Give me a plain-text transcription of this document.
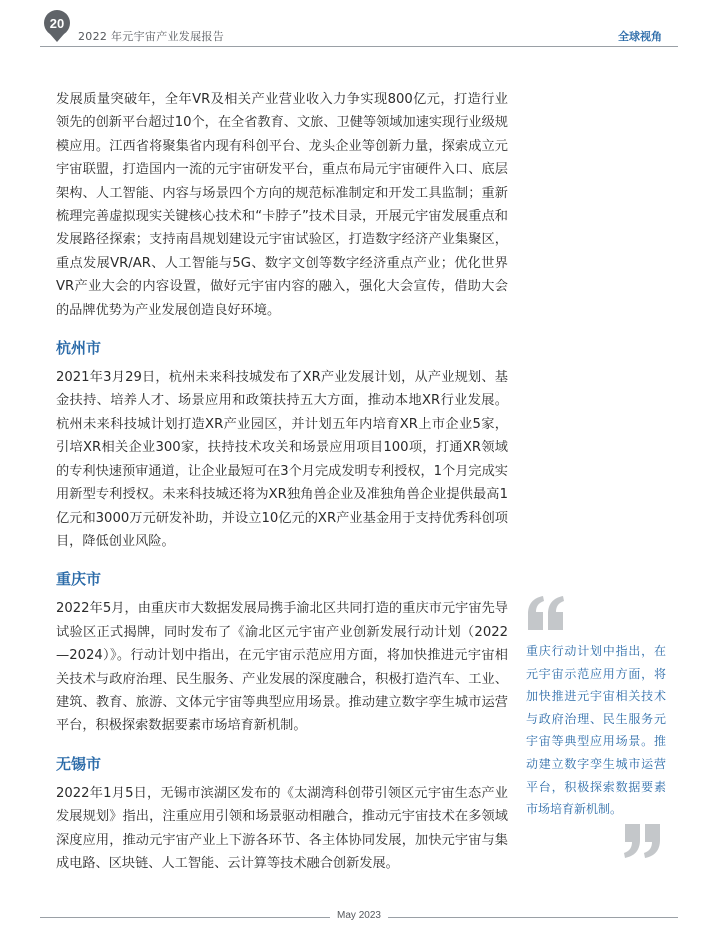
20
2022 年元宇宙产业发展报告	全球视角

发展质量突破年，全年VR及相关产业营业收入力争实现800亿元，打造行业领先的创新平台超过10个，在全省教育、文旅、卫健等领域加速实现行业级规模应用。江西省将聚集省内现有科创平台、龙头企业等创新力量，探索成立元宇宙联盟，打造国内一流的元宇宙研发平台，重点布局元宇宙硬件入口、底层架构、人工智能、内容与场景四个方向的规范标准制定和开发工具监制；重新梳理完善虚拟现实关键核心技术和“卡脖子”技术目录，开展元宇宙发展重点和发展路径探索；支持南昌规划建设元宇宙试验区，打造数字经济产业集聚区，重点发展VR/AR、人工智能与5G、数字文创等数字经济重点产业；优化世界VR产业大会的内容设置，做好元宇宙内容的融入，强化大会宣传，借助大会的品牌优势为产业发展创造良好环境。

杭州市

2021年3月29日，杭州未来科技城发布了XR产业发展计划，从产业规划、基金扶持、培养人才、场景应用和政策扶持五大方面，推动本地XR行业发展。杭州未来科技城计划打造XR产业园区，并计划五年内培育XR上市企业5家，引培XR相关企业300家，扶持技术攻关和场景应用项目100项，打通XR领域的专利快速预审通道，让企业最短可在3个月完成发明专利授权，1个月完成实用新型专利授权。未来科技城还将为XR独角兽企业及准独角兽企业提供最高1亿元和3000万元研发补助，并设立10亿元的XR产业基金用于支持优秀科创项目，降低创业风险。

重庆市

2022年5月，由重庆市大数据发展局携手渝北区共同打造的重庆市元宇宙先导试验区正式揭牌，同时发布了《渝北区元宇宙产业创新发展行动计划（2022—2024）》。行动计划中指出，在元宇宙示范应用方面，将加快推进元宇宙相关技术与政府治理、民生服务、产业发展的深度融合，积极打造汽车、工业、建筑、教育、旅游、文体元宇宙等典型应用场景。推动建立数字孪生城市运营平台，积极探索数据要素市场培育新机制。

无锡市

2022年1月5日，无锡市滨湖区发布的《太湖湾科创带引领区元宇宙生态产业发展规划》指出，注重应用引领和场景驱动相融合，推动元宇宙技术在多领域深度应用，推动元宇宙产业上下游各环节、各主体协同发展，加快元宇宙与集成电路、区块链、人工智能、云计算等技术融合创新发展。

重庆行动计划中指出，在元宇宙示范应用方面，将加快推进元宇宙相关技术与政府治理、民生服务元宇宙等典型应用场景。推动建立数字孪生城市运营平台，积极探索数据要素市场培育新机制。
May 2023
